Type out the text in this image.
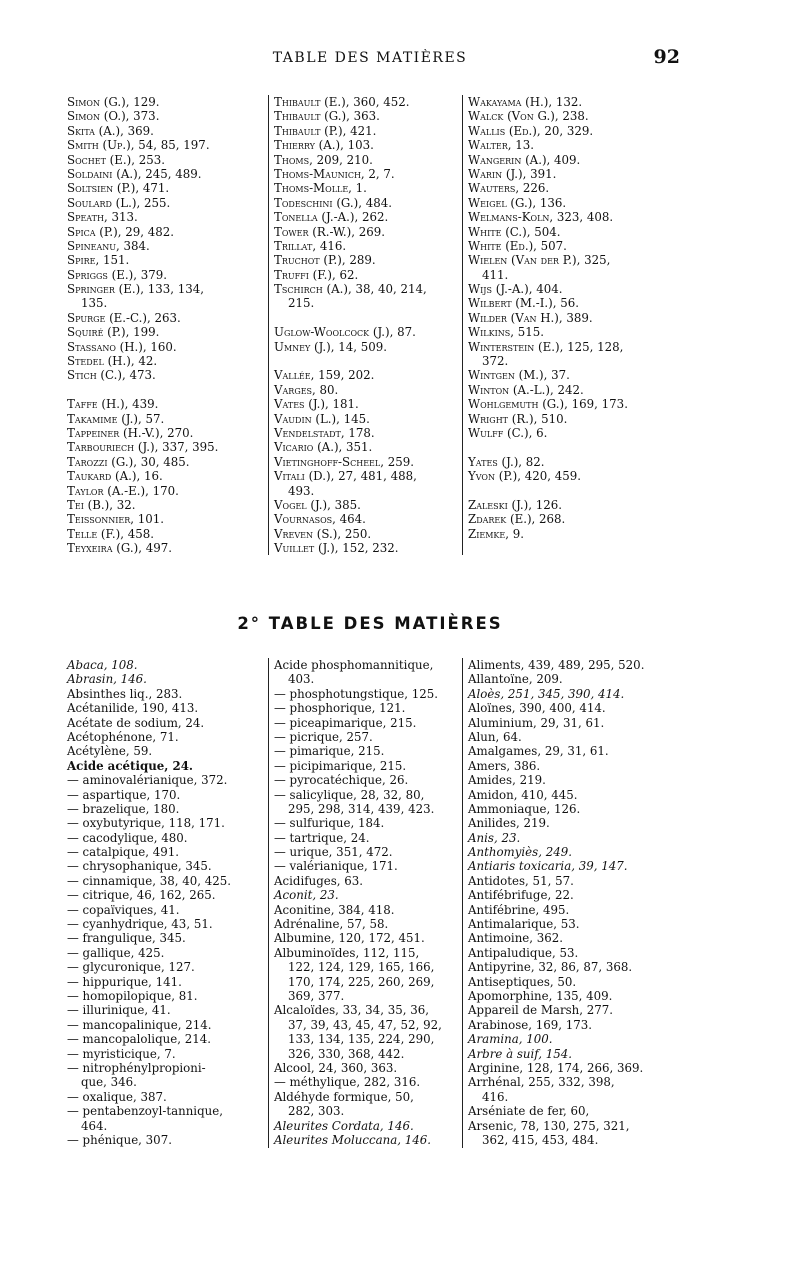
TABLE DES MATIÈRES	92
Simon (G.), 129.
Simon (O.), 373.
Skita (A.), 369.
Smith (Up.), 54, 85, 197.
Sochet (E.), 253.
Soldaini (A.), 245, 489.
Soltsien (P.), 471.
Soulard (L.), 255.
Speath, 313.
Spica (P.), 29, 482.
Spineanu, 384.
Spire, 151.
Spriggs (E.), 379.
Springer (E.), 133, 134,
135.
Spurge (E.-C.), 263.
Squiré (P.), 199.
Stassano (H.), 160.
Stedel (H.), 42.
Stich (C.), 473.
Taffe (H.), 439.
Takamime (J.), 57.
Tappeiner (H.-V.), 270.
Tarbouriech (J.), 337, 395.
Tarozzi (G.), 30, 485.
Taukard (A.), 16.
Taylor (A.-E.), 170.
Tei (B.), 32.
Teissonnier, 101.
Telle (F.), 458.
Teyxeira (G.), 497.
Thibault (E.), 360, 452.
Thibault (G.), 363.
Thibault (P.), 421.
Thierry (A.), 103.
Thoms, 209, 210.
Thoms-Maunich, 2, 7.
Thoms-Molle, 1.
Todeschini (G.), 484.
Tonella (J.-A.), 262.
Tower (R.-W.), 269.
Trillat, 416.
Truchot (P.), 289.
Truffi (F.), 62.
Tschirch (A.), 38, 40, 214,
215.
Uglow-Woolcock (J.), 87.
Umney (J.), 14, 509.
Vallée, 159, 202.
Varges, 80.
Vates (J.), 181.
Vaudin (L.), 145.
Vendelstadt, 178.
Vicario (A.), 351.
Vietinghoff-Scheel, 259.
Vitali (D.), 27, 481, 488,
493.
Vogel (J.), 385.
Vournasos, 464.
Vreven (S.), 250.
Vuillet (J.), 152, 232.
Wakayama (H.), 132.
Walck (Von G.), 238.
Wallis (Ed.), 20, 329.
Walter, 13.
Wangerin (A.), 409.
Warin (J.), 391.
Wauters, 226.
Weigel (G.), 136.
Welmans-Koln, 323, 408.
White (C.), 504.
White (Ed.), 507.
Wielen (Van der P.), 325,
411.
Wijs (J.-A.), 404.
Wilbert (M.-I.), 56.
Wilder (Van H.), 389.
Wilkins, 515.
Winterstein (E.), 125, 128,
372.
Wintgen (M.), 37.
Winton (A.-L.), 242.
Wohlgemuth (G.), 169, 173.
Wright (R.), 510.
Wulff (C.), 6.
Yates (J.), 82.
Yvon (P.), 420, 459.
Zaleski (J.), 126.
Zdarek (E.), 268.
Ziemke, 9.
2° TABLE DES MATIÈRES
Abaca, 108.
Abrasin, 146.
Absinthes liq., 283.
Acétanilide, 190, 413.
Acétate de sodium, 24.
Acétophénone, 71.
Acétylène, 59.
Acide acétique, 24.
— aminovalérianique, 372.
— aspartique, 170.
— brazelique, 180.
— oxybutyrique, 118, 171.
— cacodylique, 480.
— catalpique, 491.
— chrysophanique, 345.
— cinnamique, 38, 40, 425.
— citrique, 46, 162, 265.
— copaïviques, 41.
— cyanhydrique, 43, 51.
— frangulique, 345.
— gallique, 425.
— glycuronique, 127.
— hippurique, 141.
— homopilopique, 81.
— illurinique, 41.
— mancopalinique, 214.
— mancopalolique, 214.
— myristicique, 7.
— nitrophénylpropioni-
que, 346.
— oxalique, 387.
— pentabenzoyl-tannique,
464.
— phénique, 307.
Acide phosphomannitique,
403.
— phosphotungstique, 125.
— phosphorique, 121.
— piceapimarique, 215.
— picrique, 257.
— pimarique, 215.
— picipimarique, 215.
— pyrocatéchique, 26.
— salicylique, 28, 32, 80,
295, 298, 314, 439, 423.
— sulfurique, 184.
— tartrique, 24.
— urique, 351, 472.
— valérianique, 171.
Acidifuges, 63.
Aconit, 23.
Aconitine, 384, 418.
Adrénaline, 57, 58.
Albumine, 120, 172, 451.
Albuminoïdes, 112, 115,
122, 124, 129, 165, 166,
170, 174, 225, 260, 269,
369, 377.
Alcaloïdes, 33, 34, 35, 36,
37, 39, 43, 45, 47, 52, 92,
133, 134, 135, 224, 290,
326, 330, 368, 442.
Alcool, 24, 360, 363.
— méthylique, 282, 316.
Aldéhyde formique, 50,
282, 303.
Aleurites Cordata, 146.
Aleurites Moluccana, 146.
Aliments, 439, 489, 295, 520.
Allantoïne, 209.
Aloès, 251, 345, 390, 414.
Aloïnes, 390, 400, 414.
Aluminium, 29, 31, 61.
Alun, 64.
Amalgames, 29, 31, 61.
Amers, 386.
Amides, 219.
Amidon, 410, 445.
Ammoniaque, 126.
Anilides, 219.
Anis, 23.
Anthomyiès, 249.
Antiaris toxicaria, 39, 147.
Antidotes, 51, 57.
Antifébrifuge, 22.
Antifébrine, 495.
Antimalarique, 53.
Antimoine, 362.
Antipaludique, 53.
Antipyrine, 32, 86, 87, 368.
Antiseptiques, 50.
Apomorphine, 135, 409.
Appareil de Marsh, 277.
Arabinose, 169, 173.
Aramina, 100.
Arbre à suif, 154.
Arginine, 128, 174, 266, 369.
Arrhénal, 255, 332, 398,
416.
Arséniate de fer, 60,
Arsenic, 78, 130, 275, 321,
362, 415, 453, 484.
